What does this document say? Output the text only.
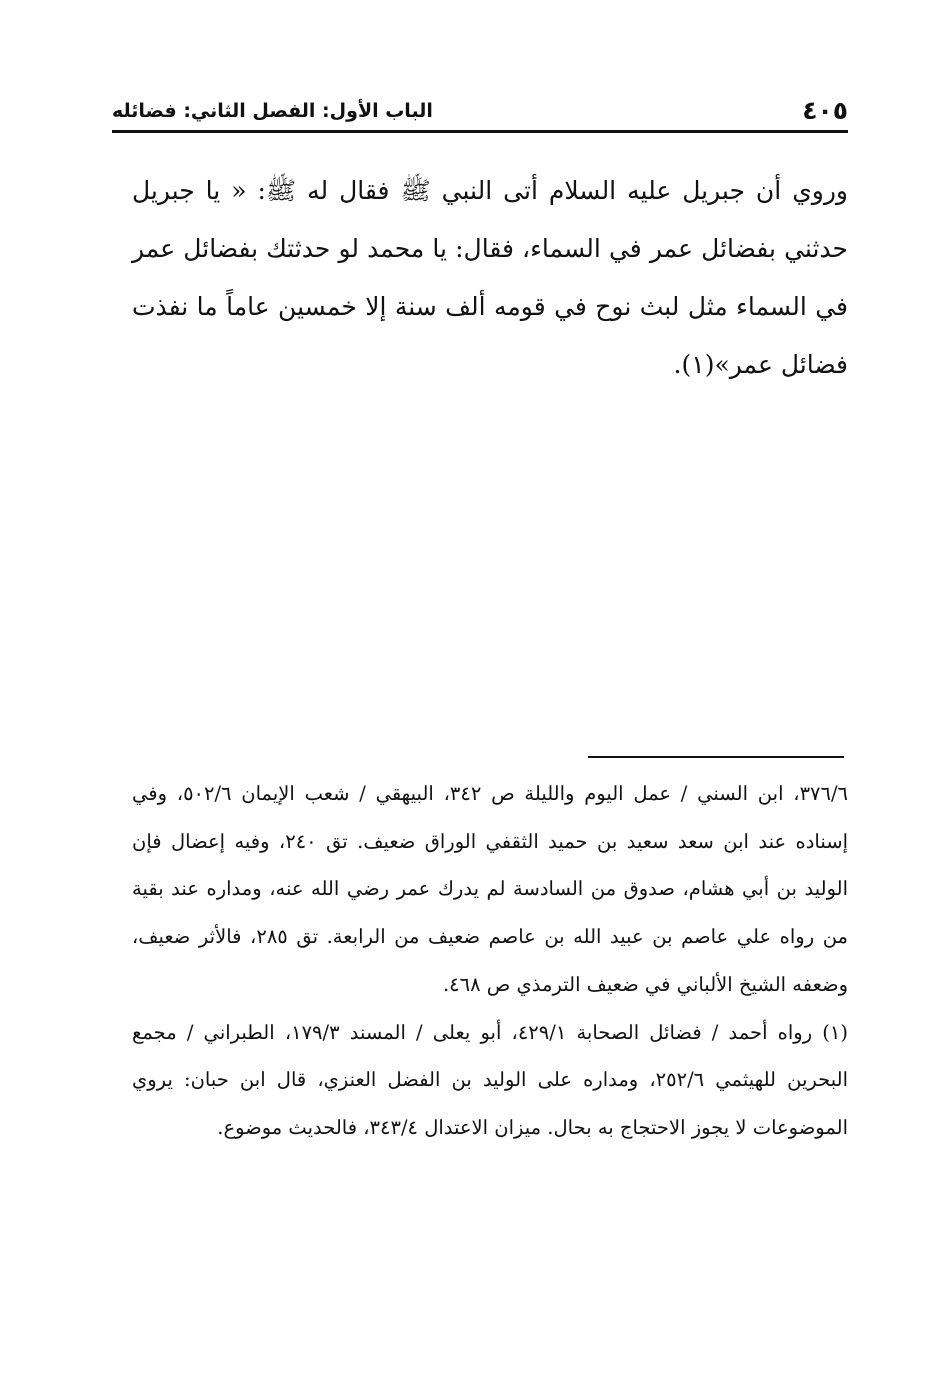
٤٠٥
الباب الأول: الفصل الثاني: فضائله

وروي أن جبريل عليه السلام أتى النبي ﷺ فقال له ﷺ: « يا جبريل حدثني بفضائل عمر في السماء، فقال: يا محمد لو حدثتك بفضائل عمر في السماء مثل لبث نوح في قومه ألف سنة إلا خمسين عاماً ما نفذت فضائل عمر»(١).

٣٧٦/٦، ابن السني / عمل اليوم والليلة ص ٣٤٢، البيهقي / شعب الإيمان ٥٠٢/٦، وفي إسناده عند ابن سعد سعيد بن حميد الثقفي الوراق ضعيف. تق ٢٤٠، وفيه إعضال فإن الوليد بن أبي هشام، صدوق من السادسة لم يدرك عمر رضي الله عنه، ومداره عند بقية من رواه علي عاصم بن عبيد الله بن عاصم ضعيف من الرابعة. تق ٢٨٥، فالأثر ضعيف، وضعفه الشيخ الألباني في ضعيف الترمذي ص ٤٦٨.

(١) رواه أحمد / فضائل الصحابة ٤٢٩/١، أبو يعلى / المسند ١٧٩/٣، الطبراني / مجمع البحرين للهيثمي ٢٥٢/٦، ومداره على الوليد بن الفضل العنزي، قال ابن حبان: يروي الموضوعات لا يجوز الاحتجاج به بحال. ميزان الاعتدال ٣٤٣/٤، فالحديث موضوع.
